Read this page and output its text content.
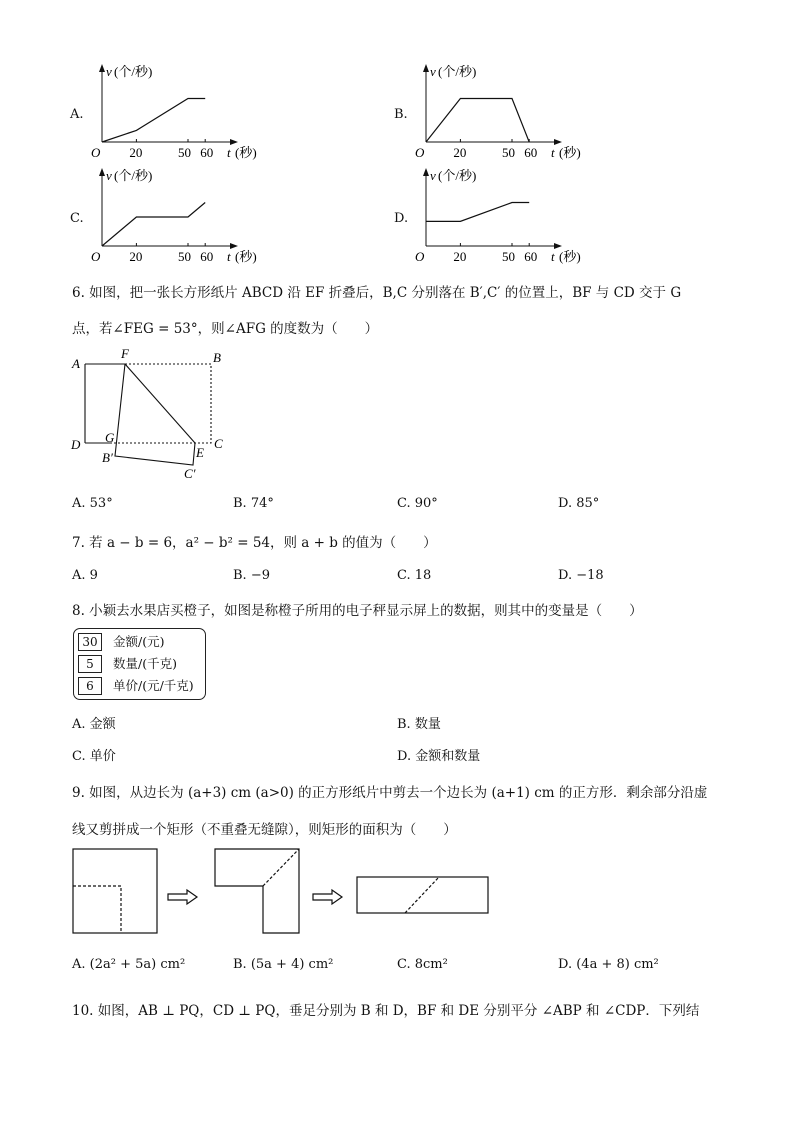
A.
O 20	50 60 t (秒)
v (个/秒)
B.
O 20	50 60 t (秒)
v (个/秒)
C.
O 20	50 60 t (秒)
v (个/秒)
D.
O 20	50 60 t (秒)
v (个/秒)
6. 如图，把一张长方形纸片 ABCD 沿 EF 折叠后，B,C 分别落在 B′,C′ 的位置上，BF 与 CD 交于 G
点，若∠FEG = 53°，则∠AFG 的度数为（　　）
A
F	B
D G
E
C
B′
C′
A. 53°	B. 74°	C. 90°	D. 85°
7. 若 a − b = 6，a² − b² = 54，则 a + b 的值为（　　）
A. 9	B. −9	C. 18	D. −18
8. 小颖去水果店买橙子，如图是称橙子所用的电子秤显示屏上的数据，则其中的变量是（　　）
30	金额/(元)
5	数量/(千克)
6	单价/(元/千克)
A. 金额	B. 数量
C. 单价	D. 金额和数量
9. 如图，从边长为 (a+3) cm (a>0) 的正方形纸片中剪去一个边长为 (a+1) cm 的正方形．剩余部分沿虚
线又剪拼成一个矩形（不重叠无缝隙），则矩形的面积为（　　）
A. (2a² + 5a) cm²	B. (5a + 4) cm²	C. 8cm²	D. (4a + 8) cm²
10. 如图，AB ⊥ PQ，CD ⊥ PQ，垂足分别为 B 和 D，BF 和 DE 分别平分 ∠ABP 和 ∠CDP．下列结
